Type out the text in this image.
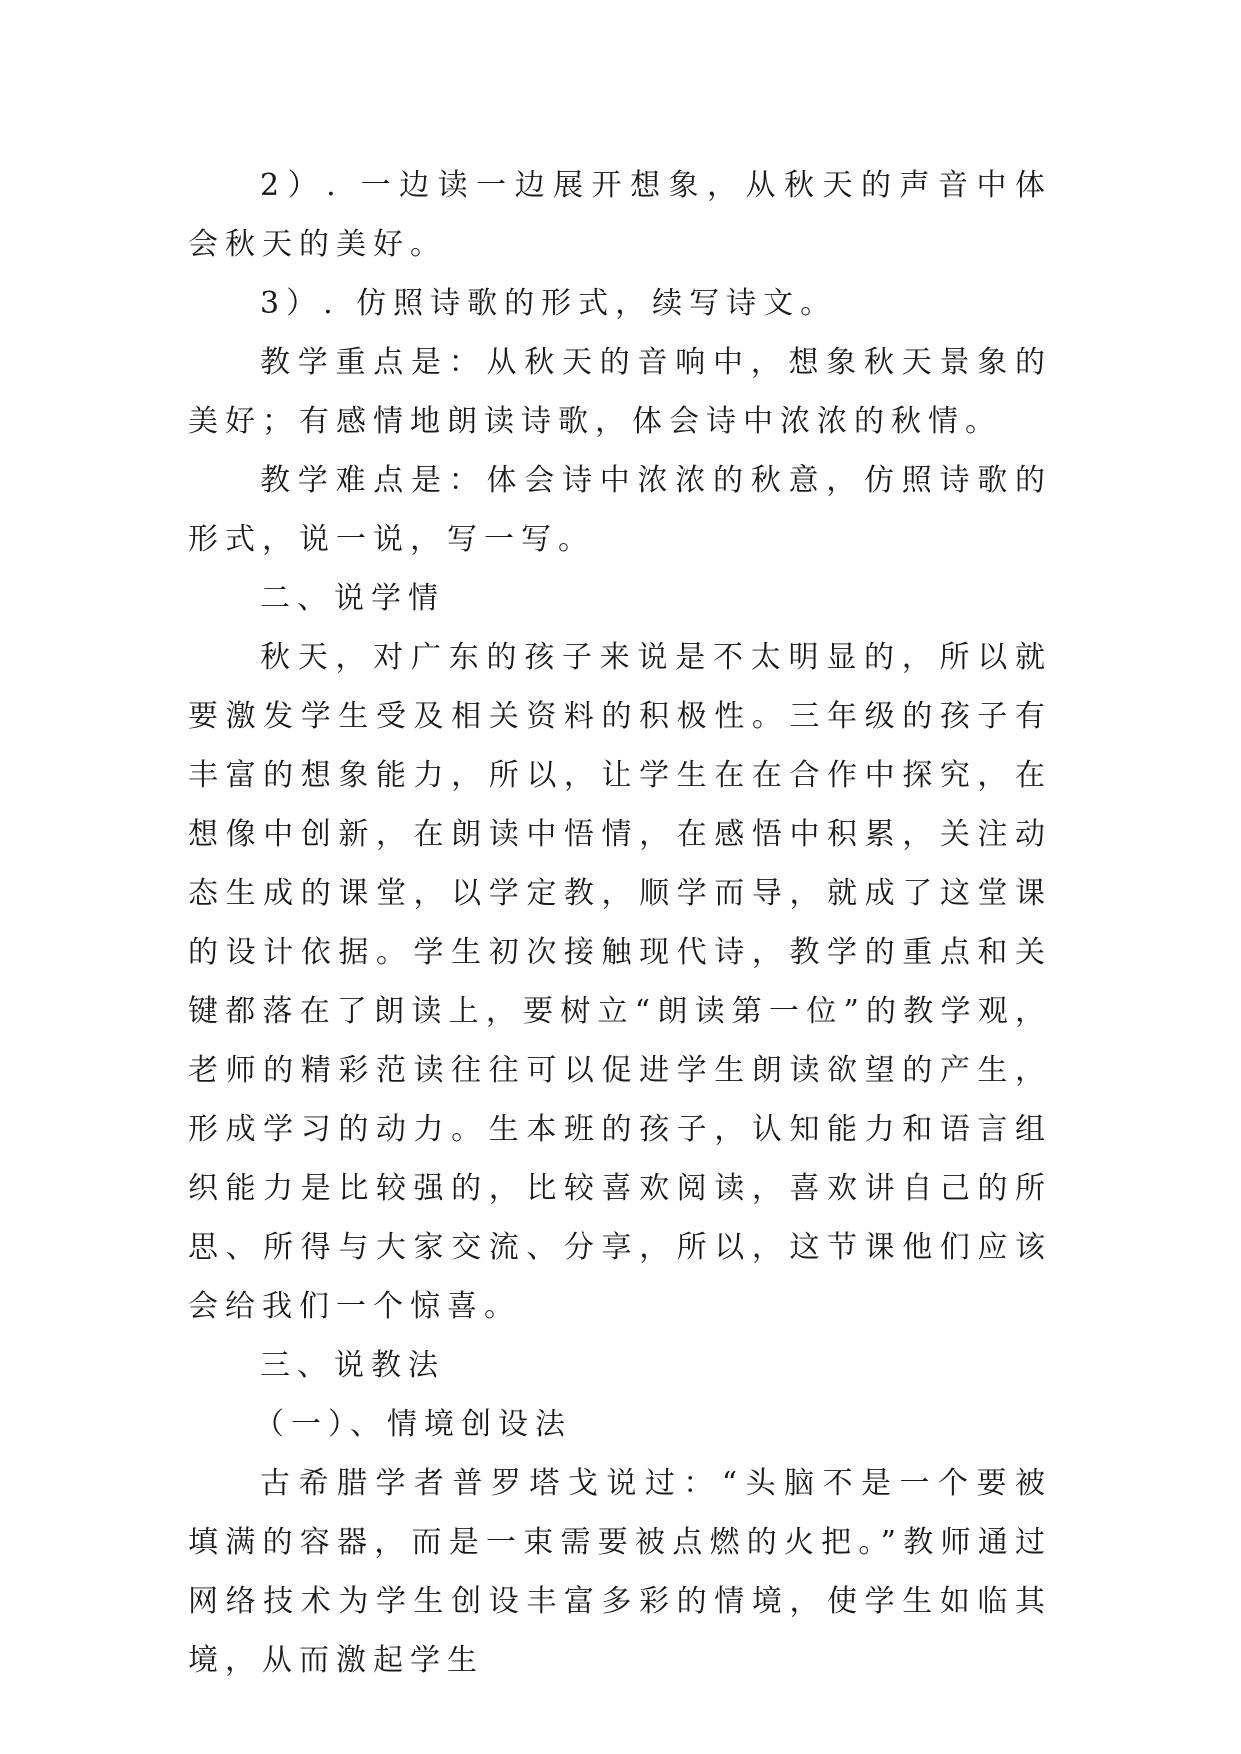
2）. 一边读一边展开想象，从秋天的声音中体会秋天的美好。

3）. 仿照诗歌的形式，续写诗文。

教学重点是：从秋天的音响中，想象秋天景象的美好；有感情地朗读诗歌，体会诗中浓浓的秋情。

教学难点是：体会诗中浓浓的秋意，仿照诗歌的形式，说一说，写一写。

二、说学情

秋天，对广东的孩子来说是不太明显的，所以就要激发学生受及相关资料的积极性。三年级的孩子有丰富的想象能力，所以，让学生在在合作中探究，在想像中创新，在朗读中悟情，在感悟中积累，关注动态生成的课堂，以学定教，顺学而导，就成了这堂课的设计依据。学生初次接触现代诗，教学的重点和关键都落在了朗读上，要树立“朗读第一位”的教学观，老师的精彩范读往往可以促进学生朗读欲望的产生，形成学习的动力。生本班的孩子，认知能力和语言组织能力是比较强的，比较喜欢阅读，喜欢讲自己的所思、所得与大家交流、分享，所以，这节课他们应该会给我们一个惊喜。

三、说教法

（一）、情境创设法

古希腊学者普罗塔戈说过：“头脑不是一个要被填满的容器，而是一束需要被点燃的火把。”教师通过网络技术为学生创设丰富多彩的情境，使学生如临其境，从而激起学生
